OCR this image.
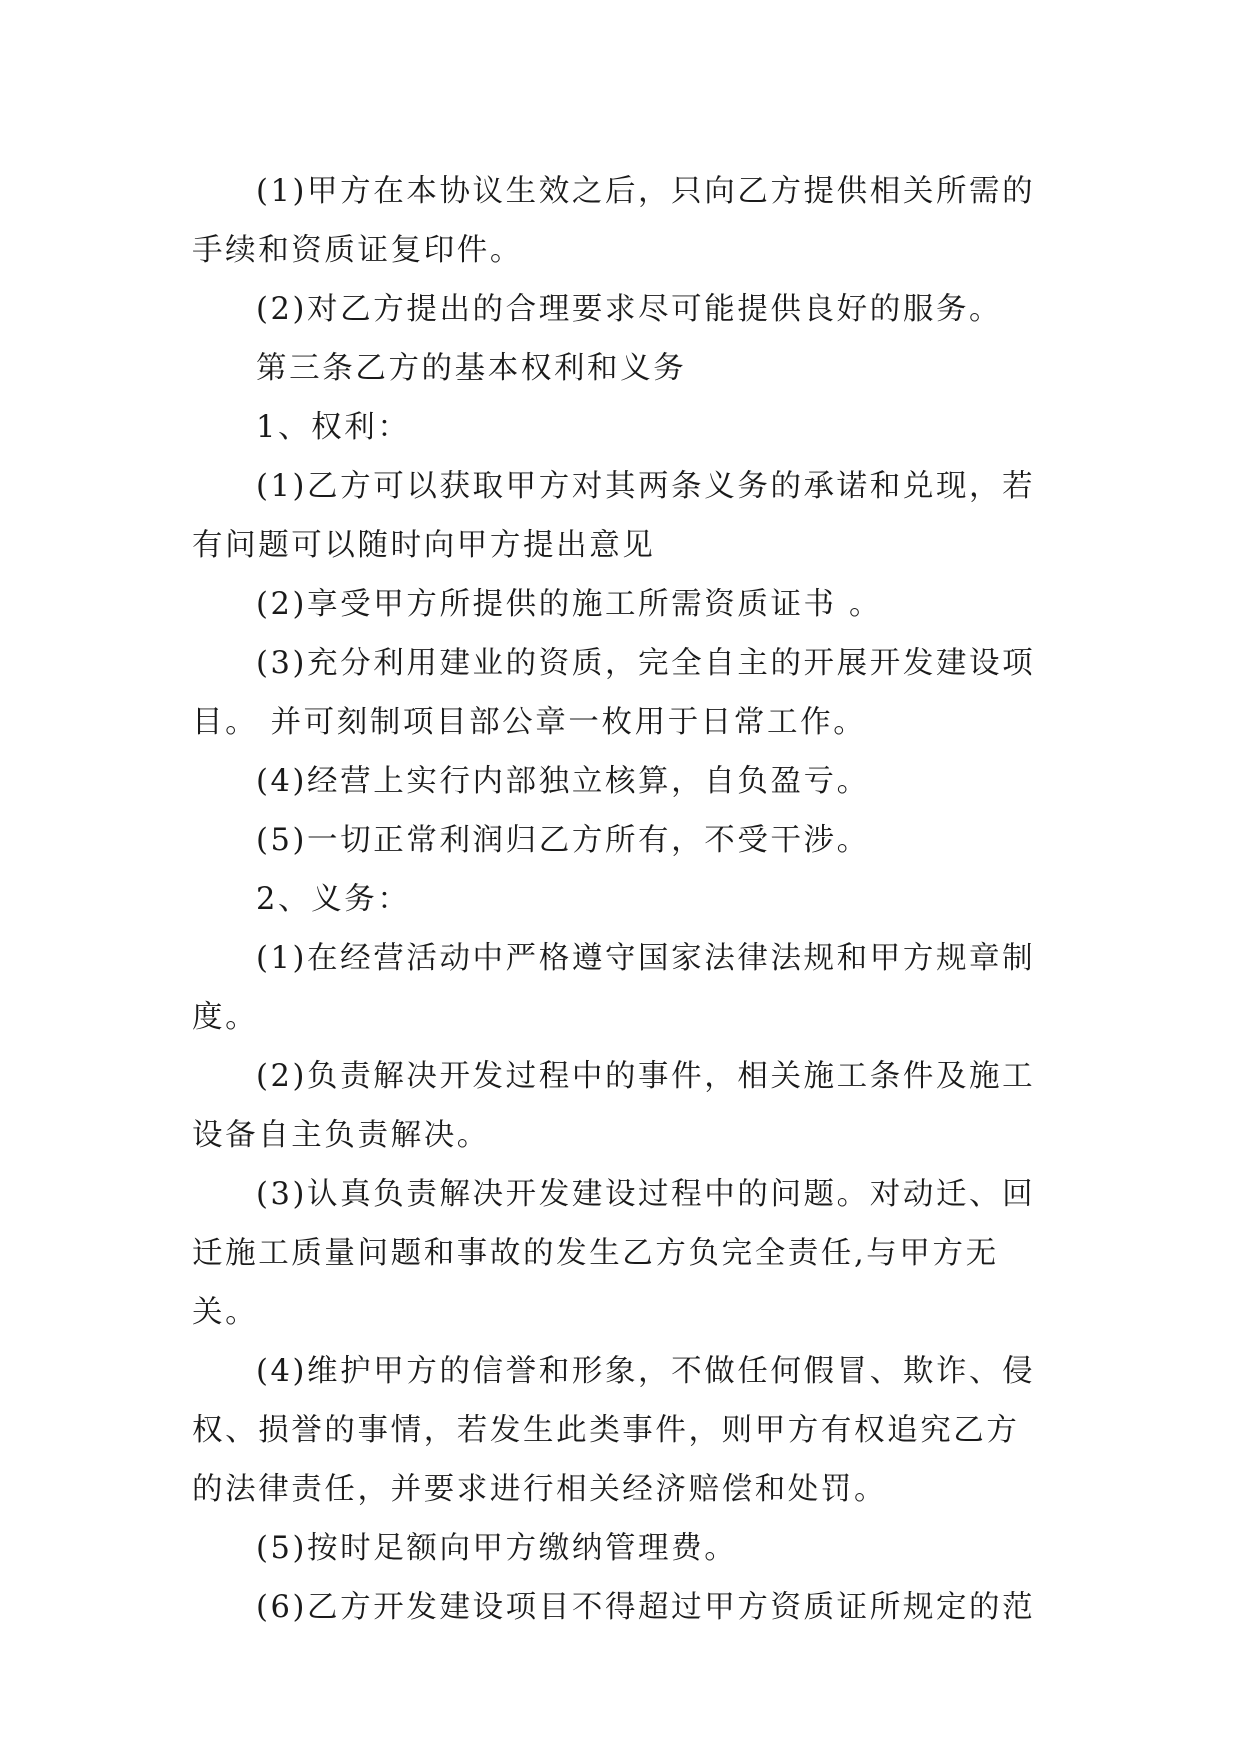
(1)甲方在本协议生效之后，只向乙方提供相关所需的手续和资质证复印件。

(2)对乙方提出的合理要求尽可能提供良好的服务。

第三条乙方的基本权利和义务

1、权利：

(1)乙方可以获取甲方对其两条义务的承诺和兑现，若有问题可以随时向甲方提出意见

(2)享受甲方所提供的施工所需资质证书 。

(3)充分利用建业的资质，完全自主的开展开发建设项目。 并可刻制项目部公章一枚用于日常工作。

(4)经营上实行内部独立核算，自负盈亏。

(5)一切正常利润归乙方所有，不受干涉。

2、义务：

(1)在经营活动中严格遵守国家法律法规和甲方规章制度。

(2)负责解决开发过程中的事件，相关施工条件及施工设备自主负责解决。

(3)认真负责解决开发建设过程中的问题。对动迁、回迁施工质量问题和事故的发生乙方负完全责任,与甲方无关。

(4)维护甲方的信誉和形象，不做任何假冒、欺诈、侵权、损誉的事情，若发生此类事件，则甲方有权追究乙方的法律责任，并要求进行相关经济赔偿和处罚。

(5)按时足额向甲方缴纳管理费。

(6)乙方开发建设项目不得超过甲方资质证所规定的范
